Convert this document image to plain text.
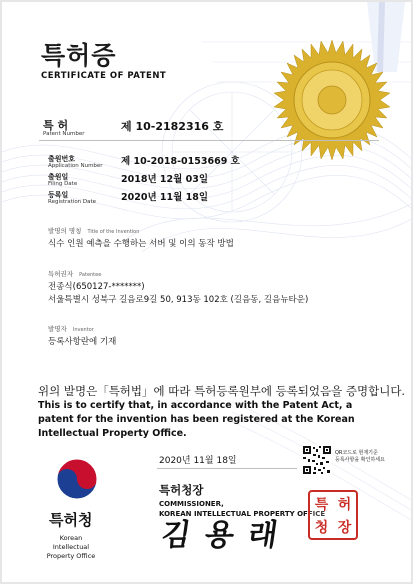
특허증
CERTIFICATE OF PATENT
특 허
Patent Number
제 10-2182316 호
출원번호
Application Number 제 10-2018-0153669 호
출원일
Filing Date	2018년 12월 03일
등록일
Registration Date	2020년 11월 18일
발명의 명칭 Title of the Invention
식수 인원 예측을 수행하는 서버 및 이의 동작 방법
특허권자 Patentee
전종식(650127-*******)
서울특별시 성북구 길음로9길 50, 913동 102호 (길음동, 길음뉴타운)
발명자 Inventor
등록사항란에 기재
위의 발명은「특허법」에 따라 특허등록원부에 등록되었음을 증명합니다.
This is to certify that, in accordance with the Patent Act, a patent for the invention has been registered at the Korean Intellectual Property Office.
2020년 11월 18일
특허청장
COMMISSIONER,
KOREAN INTELLECTUAL PROPERTY OFFICE
김 용 래
특허청
Korean Intellectual
Property Office
QR코드로 현재기준
등록사항을 확인하세요
특 허
청 장
